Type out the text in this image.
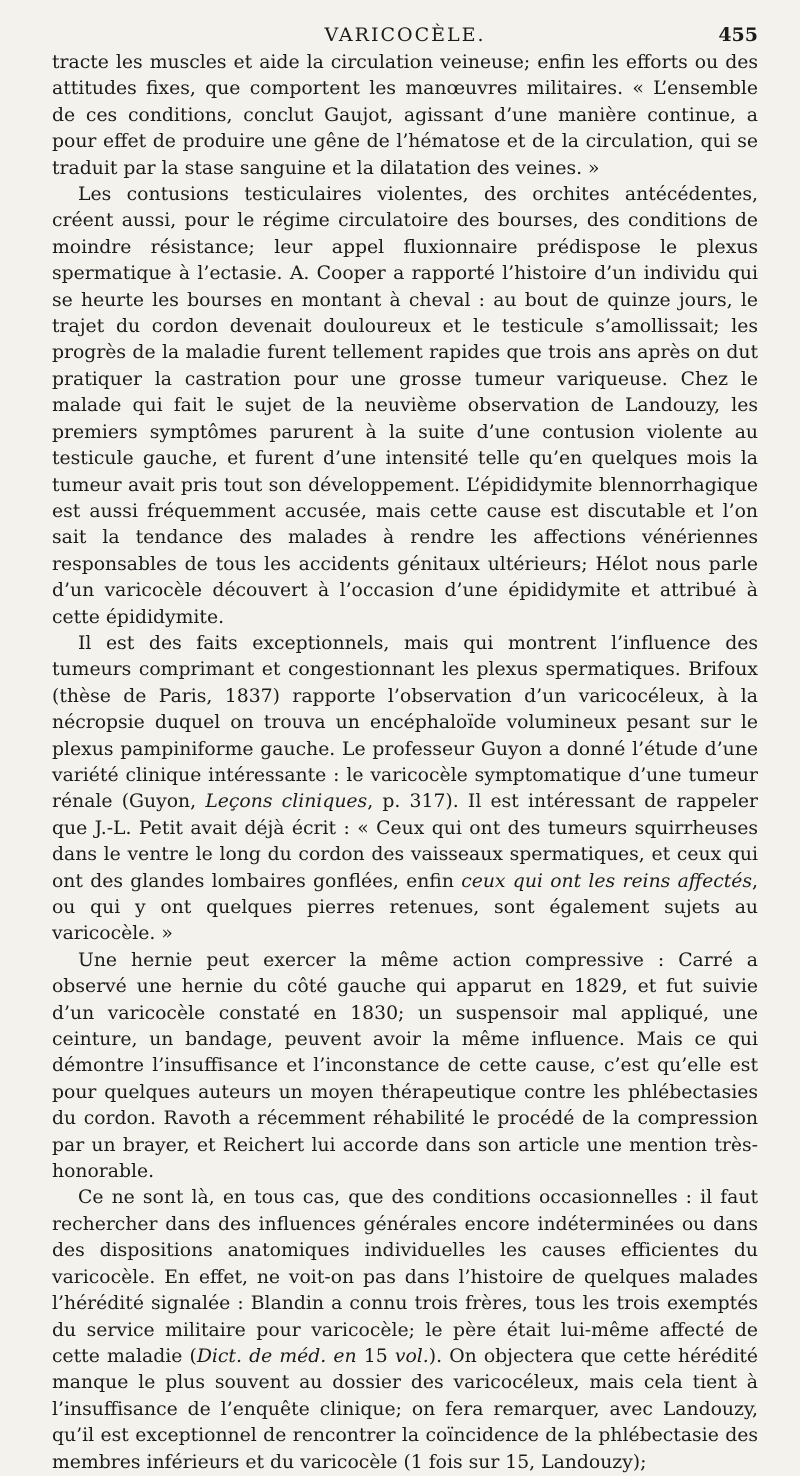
VARICOCÈLE.	455

tracte les muscles et aide la circulation veineuse; enfin les efforts ou des attitudes fixes, que comportent les manœuvres militaires. « L’ensemble de ces conditions, conclut Gaujot, agissant d’une manière continue, a pour effet de produire une gêne de l’hématose et de la circulation, qui se traduit par la stase sanguine et la dilatation des veines. »

Les contusions testiculaires violentes, des orchites antécédentes, créent aussi, pour le régime circulatoire des bourses, des conditions de moindre résistance; leur appel fluxionnaire prédispose le plexus spermatique à l’ectasie. A. Cooper a rapporté l’histoire d’un individu qui se heurte les bourses en montant à cheval : au bout de quinze jours, le trajet du cordon devenait douloureux et le testicule s’amollissait; les progrès de la maladie furent tellement rapides que trois ans après on dut pratiquer la castration pour une grosse tumeur variqueuse. Chez le malade qui fait le sujet de la neuvième observation de Landouzy, les premiers symptômes parurent à la suite d’une contusion violente au testicule gauche, et furent d’une intensité telle qu’en quelques mois la tumeur avait pris tout son développement. L’épididymite blennorrhagique est aussi fréquemment accusée, mais cette cause est discutable et l’on sait la tendance des malades à rendre les affections vénériennes responsables de tous les accidents génitaux ultérieurs; Hélot nous parle d’un varicocèle découvert à l’occasion d’une épididymite et attribué à cette épididymite.

Il est des faits exceptionnels, mais qui montrent l’influence des tumeurs comprimant et congestionnant les plexus spermatiques. Brifoux (thèse de Paris, 1837) rapporte l’observation d’un varicocéleux, à la nécropsie duquel on trouva un encéphaloïde volumineux pesant sur le plexus pampiniforme gauche. Le professeur Guyon a donné l’étude d’une variété clinique intéressante : le varicocèle symptomatique d’une tumeur rénale (Guyon, Leçons cliniques, p. 317). Il est intéressant de rappeler que J.-L. Petit avait déjà écrit : « Ceux qui ont des tumeurs squirrheuses dans le ventre le long du cordon des vaisseaux spermatiques, et ceux qui ont des glandes lombaires gonflées, enfin ceux qui ont les reins affectés, ou qui y ont quelques pierres retenues, sont également sujets au varicocèle. »

Une hernie peut exercer la même action compressive : Carré a observé une hernie du côté gauche qui apparut en 1829, et fut suivie d’un varicocèle constaté en 1830; un suspensoir mal appliqué, une ceinture, un bandage, peuvent avoir la même influence. Mais ce qui démontre l’insuffisance et l’inconstance de cette cause, c’est qu’elle est pour quelques auteurs un moyen thérapeutique contre les phlébectasies du cordon. Ravoth a récemment réhabilité le procédé de la compression par un brayer, et Reichert lui accorde dans son article une mention très-honorable.

Ce ne sont là, en tous cas, que des conditions occasionnelles : il faut rechercher dans des influences générales encore indéterminées ou dans des dispositions anatomiques individuelles les causes efficientes du varicocèle. En effet, ne voit-on pas dans l’histoire de quelques malades l’hérédité signalée : Blandin a connu trois frères, tous les trois exemptés du service militaire pour varicocèle; le père était lui-même affecté de cette maladie (Dict. de méd. en 15 vol.). On objectera que cette hérédité manque le plus souvent au dossier des varicocéleux, mais cela tient à l’insuffisance de l’enquête clinique; on fera remarquer, avec Landouzy, qu’il est exceptionnel de rencontrer la coïncidence de la phlébectasie des membres inférieurs et du varicocèle (1 fois sur 15, Landouzy);
